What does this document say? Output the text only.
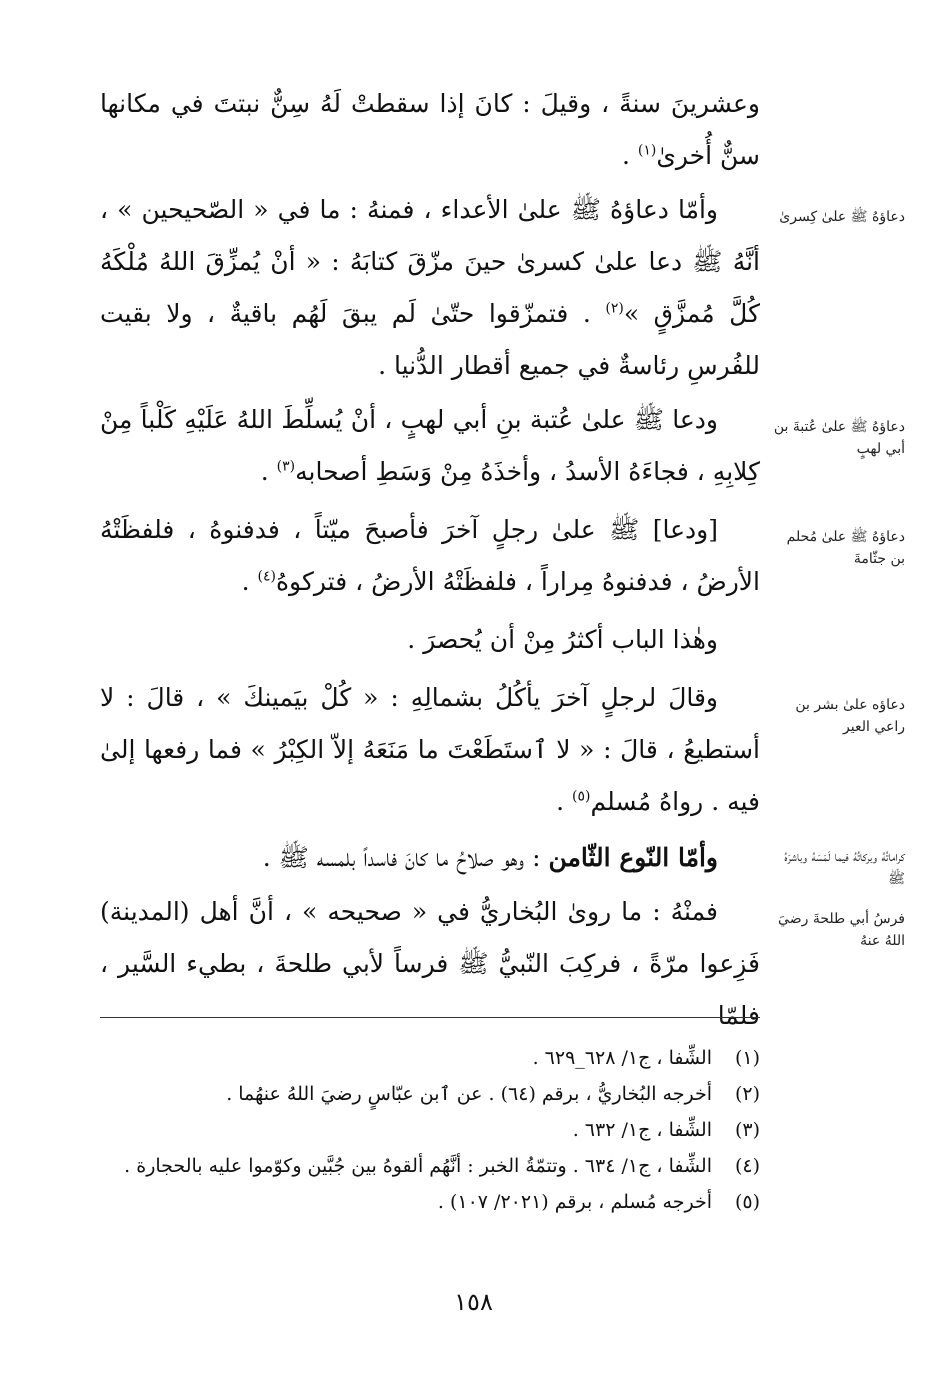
وعشرينَ سنةً ، وقيلَ : كانَ إذا سقطتْ لَهُ سِنٌّ نبتتَ في مكانها سنٌّ أُخرىٰ$^{(١)}$ .

وأمّا دعاؤهُ ﷺ علىٰ الأعداء ، فمنهُ : ما في « الصّحيحين » ، أنَّهُ ﷺ دعا علىٰ كسرىٰ حينَ مزّقَ كتابَهُ : « أنْ يُمزِّقَ اللهُ مُلْكَهُ كُلَّ مُمزَّقٍ »$^{(٢)}$ . فتمزّقوا حتّىٰ لَم يبقَ لَهُم باقيةٌ ، ولا بقيت للفُرسِ رئاسةٌ في جميع أقطار الدُّنيا .

ودعا ﷺ علىٰ عُتبة بنِ أبي لهبٍ ، أنْ يُسلِّطَ اللهُ عَلَيْهِ كَلْباً مِنْ كِلابِهِ ، فجاءَهُ الأسدُ ، وأخذَهُ مِنْ وَسَطِ أصحابه$^{(٣)}$ .

[ودعا] ﷺ علىٰ رجلٍ آخرَ فأصبحَ ميّتاً ، فدفنوهُ ، فلفظَتْهُ الأرضُ ، فدفنوهُ مِراراً ، فلفظَتْهُ الأرضُ ، فتركوهُ$^{(٤)}$ .

وهٰذا الباب أكثرُ مِنْ أن يُحصرَ .

وقالَ لرجلٍ آخرَ يأكُلُ بشمالِهِ : « كُلْ بيَمينكَ » ، قالَ : لا أستطيعُ ، قالَ : « لا ٱستَطَعْتَ ما مَنَعَهُ إلاّ الكِبْرُ » فما رفعها إلىٰ فيه . رواهُ مُسلم$^{(٥)}$ .

وأمّا النّوع الثّامن : وهو صلاحُ ما كانَ فاسداً بلمسه ﷺ .

فمنْهُ : ما روىٰ البُخاريُّ في « صحيحه » ، أنَّ أهل (المدينة) فَزِعوا مرّةً ، فركِبَ النّبيُّ ﷺ فرساً لأبي طلحةَ ، بطيء السَّير ، فلمّا

دعاؤهُ ﷺ علىٰ كِسرىٰ
دعاؤهُ ﷺ علىٰ عُتبةَ بن أبي لهبٍ
دعاؤهُ ﷺ علىٰ مُحلم بن جثّامةَ
دعاؤه علىٰ بشر بن راعي العير
كراماتُهُ وبركاتُهُ فيما لَمَسَهُ وباشرَهُ ﷺ
فرسُ أبي طلحةَ رضيَ اللهُ عنهُ
(١)
الشِّفا ، ج١/ ٦٢٨_٦٢٩ .
(٢)
أخرجه البُخاريُّ ، برقم (٦٤) . عن ٱبن عبّاسٍ رضيَ اللهُ عنهُما .
(٣)
الشِّفا ، ج١/ ٦٣٢ .
(٤)
الشِّفا ، ج١/ ٦٣٤ . وتتمّةُ الخبر : أنَّهُم ألقوهُ بين جُبَّين وكوّموا عليه بالحجارة .
(٥)
أخرجه مُسلم ، برقم (٢٠٢١/ ١٠٧) .
١٥٨
